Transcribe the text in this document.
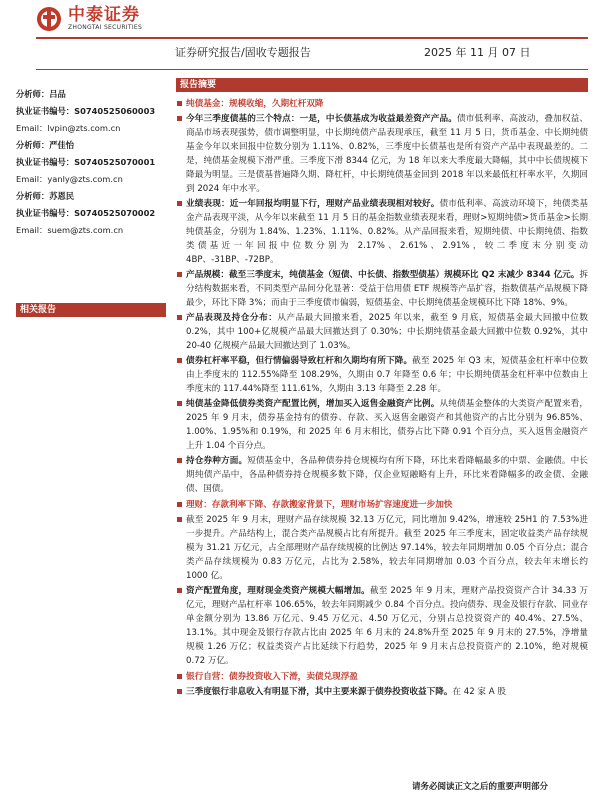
中泰证券
ZHONGTAI SECURITIES
证券研究报告/固收专题报告	2025 年 11 月 07 日
分析师：吕品
执业证书编号：S0740525060003
Email：lvpin@zts.com.cn
分析师：严佳怡
执业证书编号：S0740525070001
Email：yanly@zts.com.cn
分析师：苏恩民
执业证书编号：S0740525070002
Email：suem@zts.com.cn
相关报告
报告摘要
纯债基金：规模收缩，久期杠杆双降
今年三季度债基的三个特点：一是，中长债基成为收益最差资产产品。债市低利率、高波动，叠加权益、商品市场表现强势，债市调整明显，中长期纯债产品表现承压，截至 11 月 5 日，货币基金、中长期纯债基金今年以来回报中位数分别为 1.11%、0.82%，三季度中长债基也是所有资产产品中表现最差的。二是，纯债基金规模下滑严重。三季度下滑 8344 亿元，为 18 年以来大季度最大降幅，其中中长债规模下降最为明显。三是债基普遍降久期、降杠杆，中长期纯债基金回到 2018 年以来最低杠杆率水平，久期回到 2024 年中水平。
业绩表现：近一年回报均明显下行，理财产品业绩表现相对较好。债市低利率、高波动环境下，纯债类基金产品表现平淡，从今年以来截至 11 月 5 日的基金指数业绩表现来看，理财>短期纯债>货币基金>长期纯债基金，分别为 1.84%、1.23%、1.11%、0.82%。从产品回报来看，短期纯债、中长期纯债、指数类债基近一年回报中位数分别为 2.17%、2.61%、2.91%，较二季度末分别变动 4BP、-31BP、-72BP。
产品规模：截至三季度末，纯债基金（短债、中长债、指数型债基）规模环比 Q2 末减少 8344 亿元。拆分结构数据来看，不同类型产品间分化显著：受益于信用债 ETF 规模等产品扩容，指数债基产品规模下降最少，环比下降 3%；而由于三季度债市偏弱，短债基金、中长期纯债基金规模环比下降 18%、9%。
产品表现及持仓分布：从产品最大回撤来看，2025 年以来，截至 9 月底，短债基金最大回撤中位数 0.2%，其中 100+亿规模产品最大回撤达到了 0.30%；中长期纯债基金最大回撤中位数 0.92%，其中 20-40 亿规模产品最大回撤达到了 1.03%。
债券杠杆率平稳，但行情偏弱导致杠杆和久期均有所下降。截至 2025 年 Q3 末，短债基金杠杆率中位数由上季度末的 112.55%降至 108.29%，久期由 0.7 年降至 0.6 年；中长期纯债基金杠杆率中位数由上季度末的 117.44%降至 111.61%，久期由 3.13 年降至 2.28 年。
纯债基金降低债券类资产配置比例，增加买入返售金融资产比例。从纯债基金整体的大类资产配置来看，2025 年 9 月末，债券基金持有的债券、存款、买入返售金融资产和其他资产的占比分别为 96.85%、1.00%、1.95%和 0.19%，和 2025 年 6 月末相比，债券占比下降 0.91 个百分点，买入返售金融资产上升 1.04 个百分点。
持仓券种方面。短债基金中，各品种债券持仓规模均有所下降，环比来看降幅最多的中票、金融债。中长期纯债产品中，各品种债券持仓规模多数下降，仅企业短融略有上升，环比来看降幅多的政金债、金融债、国债。
理财：存款利率下降、存款搬家背景下，理财市场扩容速度进一步加快
截至 2025 年 9 月末，理财产品存续规模 32.13 万亿元，同比增加 9.42%，增速较 25H1 的 7.53%进一步提升。产品结构上，混合类产品规模占比有所提升。截至 2025 年三季度末，固定收益类产品存续规模为 31.21 万亿元，占全部理财产品存续规模的比例达 97.14%，较去年同期增加 0.05 个百分点；混合类产品存续规模为 0.83 万亿元，占比为 2.58%，较去年同期增加 0.03 个百分点，较去年末增长约 1000 亿。
资产配置角度，理财现金类资产规模大幅增加。截至 2025 年 9 月末，理财产品投资资产合计 34.33 万亿元，理财产品杠杆率 106.65%，较去年同期减少 0.84 个百分点。投向债券、现金及银行存款、同业存单金额分别为 13.86 万亿元、9.45 万亿元、4.50 万亿元，分别占总投资资产的 40.4%、27.5%、13.1%。其中现金及银行存款占比由 2025 年 6 月末的 24.8%升至 2025 年 9 月末的 27.5%，净增量规模 1.26 万亿；权益类资产占比延续下行趋势，2025 年 9 月末占总投资资产的 2.10%，绝对规模 0.72 万亿。
银行自营：债券投资收入下滑，卖债兑现浮盈
三季度银行非息收入有明显下滑，其中主要来源于债券投资收益下降。在 42 家 A 股
请务必阅读正文之后的重要声明部分
